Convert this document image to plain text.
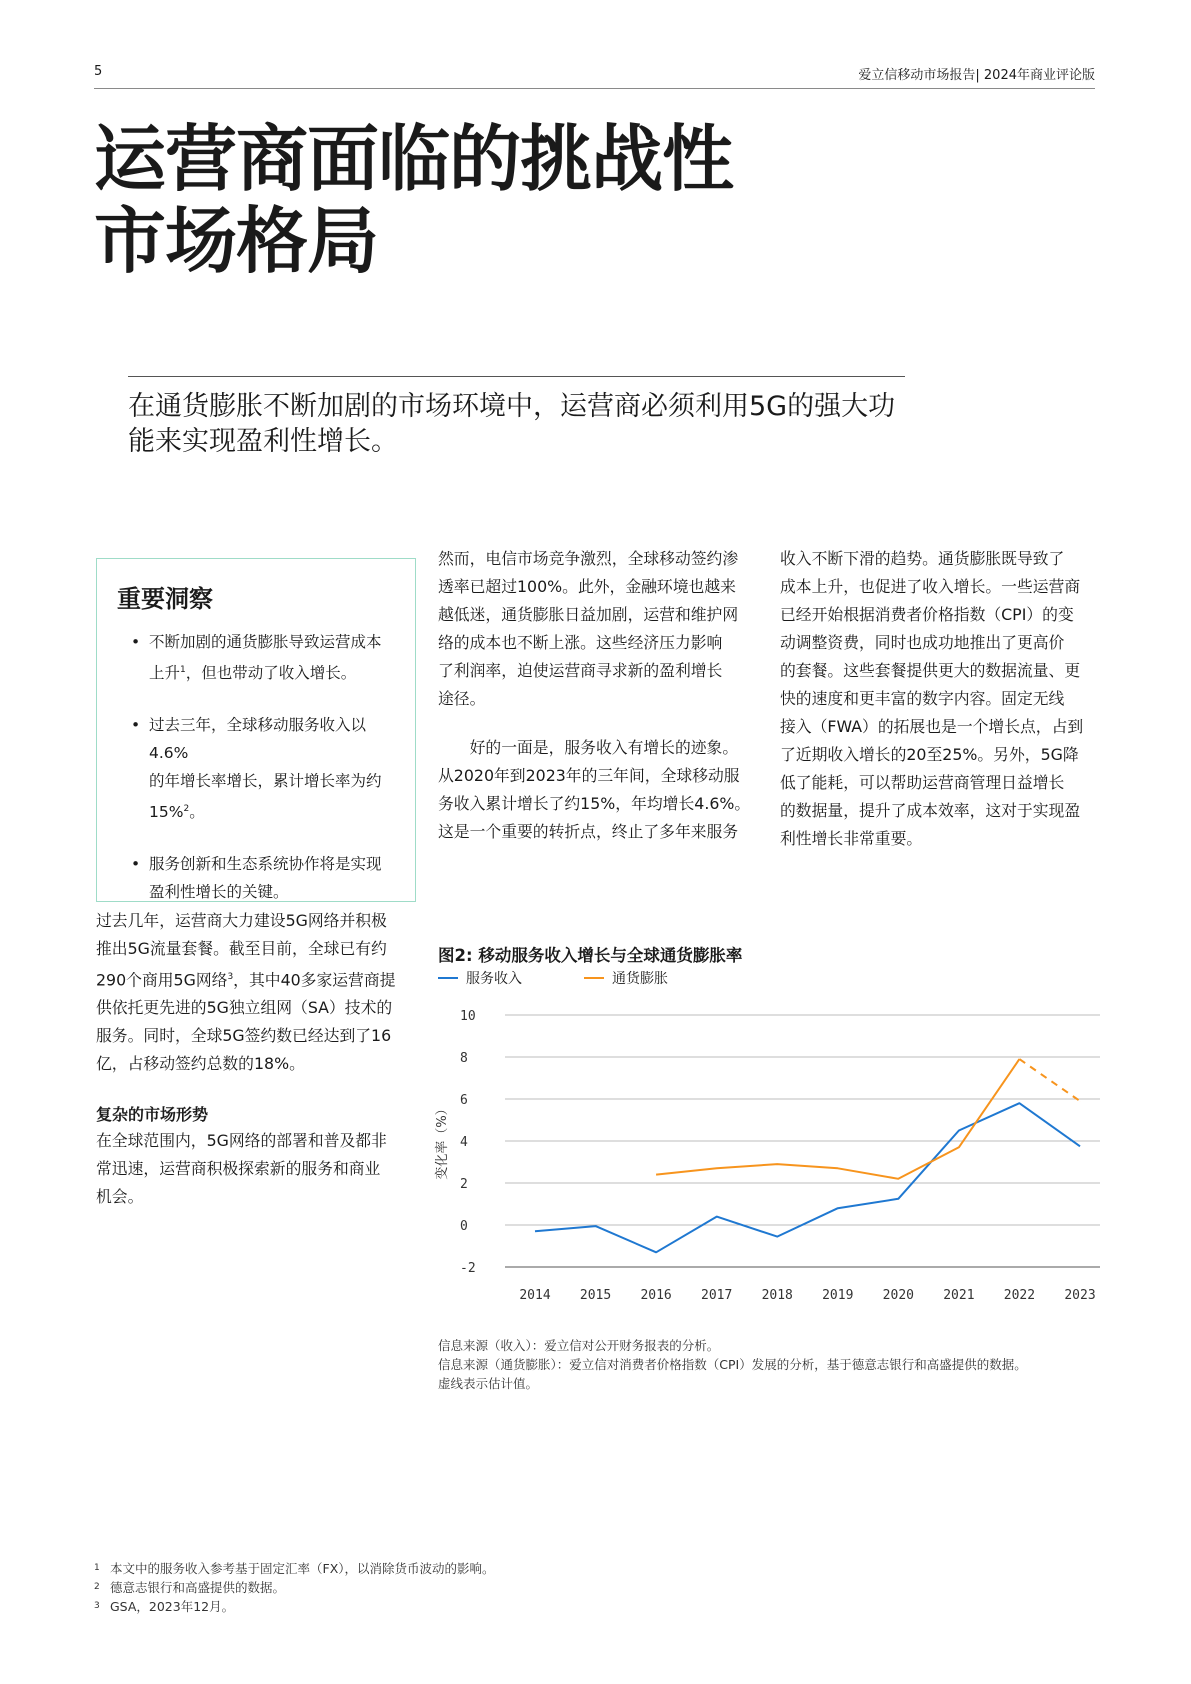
5	爱立信移动市场报告| 2024年商业评论版
运营商面临的挑战性
市场格局
在通货膨胀不断加剧的市场环境中，运营商必须利用5G的强大功
能来实现盈利性增长。
重要洞察
• 不断加剧的通货膨胀导致运营成本
上升$^1$，但也带动了收入增长。
• 过去三年，全球移动服务收入以4.6%
的年增长率增长，累计增长率为约
15%$^2$。
• 服务创新和生态系统协作将是实现
盈利性增长的关键。
过去几年，运营商大力建设5G网络并积极
推出5G流量套餐。截至目前，全球已有约
290个商用5G网络$^3$，其中40多家运营商提
供依托更先进的5G独立组网（SA）技术的
服务。同时，全球5G签约数已经达到了16
亿，占移动签约总数的18%。
复杂的市场形势
在全球范围内，5G网络的部署和普及都非
常迅速，运营商积极探索新的服务和商业
机会。
然而，电信市场竞争激烈，全球移动签约渗
透率已超过100%。此外，金融环境也越来
越低迷，通货膨胀日益加剧，运营和维护网
络的成本也不断上涨。这些经济压力影响
了利润率，迫使运营商寻求新的盈利增长
途径。
　　好的一面是，服务收入有增长的迹象。
从2020年到2023年的三年间，全球移动服
务收入累计增长了约15%，年均增长4.6%。
这是一个重要的转折点，终止了多年来服务
收入不断下滑的趋势。通货膨胀既导致了
成本上升，也促进了收入增长。一些运营商
已经开始根据消费者价格指数（CPI）的变
动调整资费，同时也成功地推出了更高价
的套餐。这些套餐提供更大的数据流量、更
快的速度和更丰富的数字内容。固定无线
接入（FWA）的拓展也是一个增长点，占到
了近期收入增长的20至25%。另外，5G降
低了能耗，可以帮助运营商管理日益增长
的数据量，提升了成本效率，这对于实现盈
利性增长非常重要。
图2: 移动服务收入增长与全球通货膨胀率
服务收入	通货膨胀
10
8
6
4
2
0
-2
2014 2015 2016 2017 2018 2019 2020 2021 2022 2023
变化率（%）
信息来源（收入）：爱立信对公开财务报表的分析。
信息来源（通货膨胀）：爱立信对消费者价格指数（CPI）发展的分析，基于德意志银行和高盛提供的数据。
虚线表示估计值。
1 本文中的服务收入参考基于固定汇率（FX），以消除货币波动的影响。
2 德意志银行和高盛提供的数据。
3 GSA，2023年12月。
